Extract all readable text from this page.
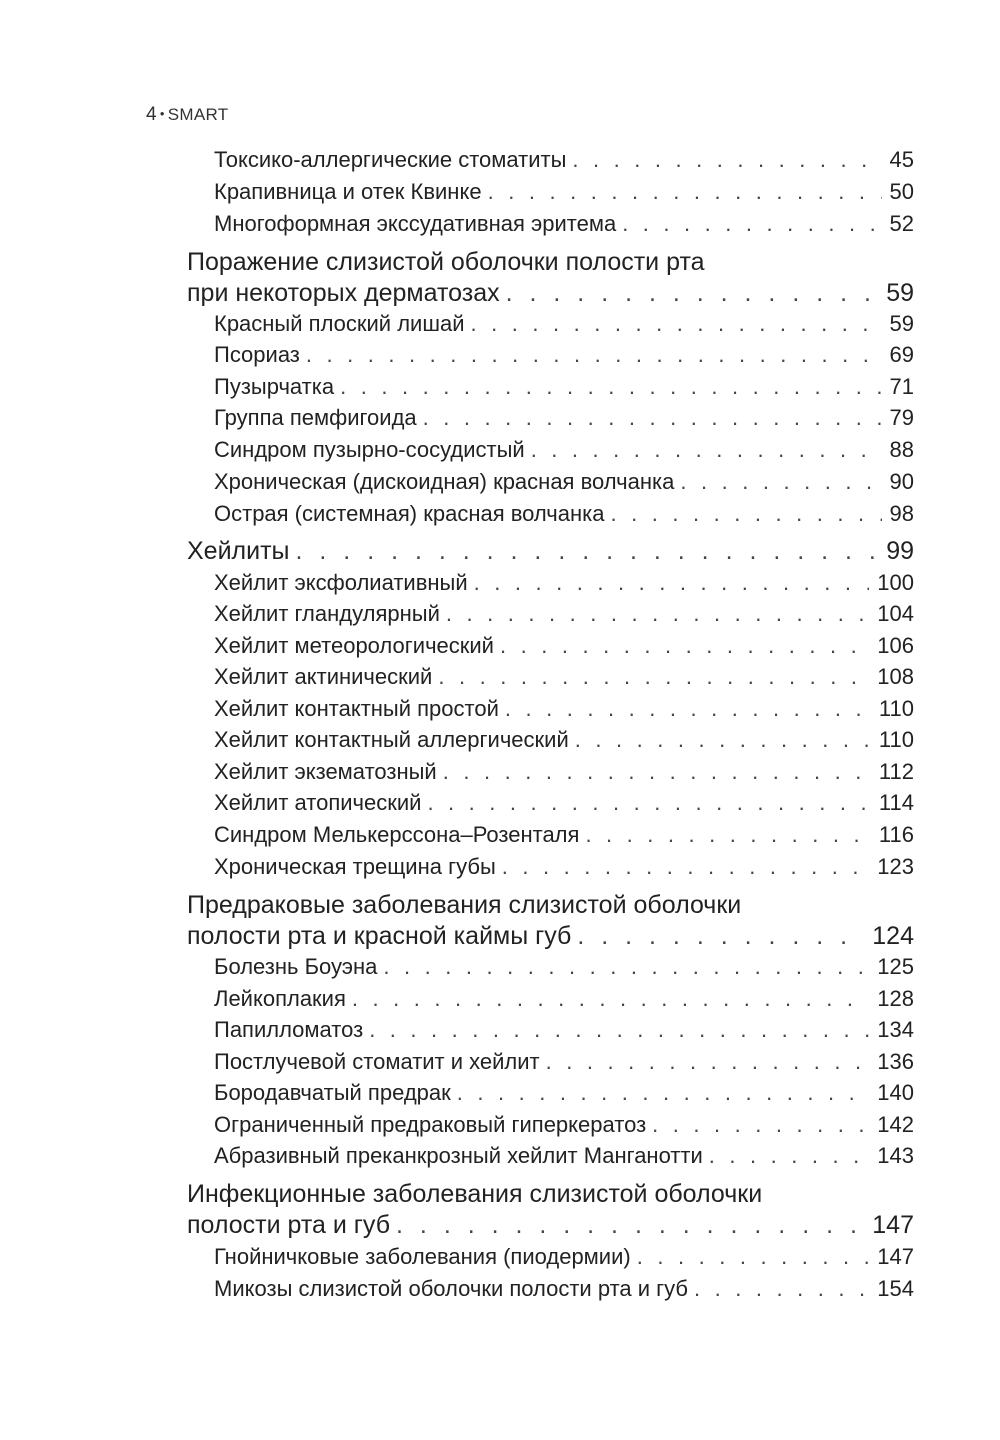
4 • SMART
Токсико-аллергические стоматиты . . .	45
Крапивница и отек Квинке . . .	50
Многоформная экссудативная эритема . . .	52
Поражение слизистой оболочки полости рта
при некоторых дерматозах . . .	59
Красный плоский лишай . . .	59
Псориаз . . .	69
Пузырчатка . . .	71
Группа пемфигоида . . .	79
Синдром пузырно-сосудистый . . .	88
Хроническая (дискоидная) красная волчанка . . .	90
Острая (системная) красная волчанка . . .	98
Хейлиты . . .	99
Хейлит эксфолиативный . . .	100
Хейлит гландулярный . . .	104
Хейлит метеорологический . . .	106
Хейлит актинический . . .	108
Хейлит контактный простой . . .	110
Хейлит контактный аллергический . . .	110
Хейлит экзематозный . . .	112
Хейлит атопический . . .	114
Синдром Мелькерссона–Розенталя . . .	116
Хроническая трещина губы . . .	123
Предраковые заболевания слизистой оболочки
полости рта и красной каймы губ . . .	124
Болезнь Боуэна . . .	125
Лейкоплакия . . .	128
Папилломатоз . . .	134
Постлучевой стоматит и хейлит . . .	136
Бородавчатый предрак . . .	140
Ограниченный предраковый гиперкератоз . . .	142
Абразивный преканкрозный хейлит Манганотти . . .	143
Инфекционные заболевания слизистой оболочки
полости рта и губ . . .	147
Гнойничковые заболевания (пиодермии) . . .	147
Микозы слизистой оболочки полости рта и губ . . .	154
